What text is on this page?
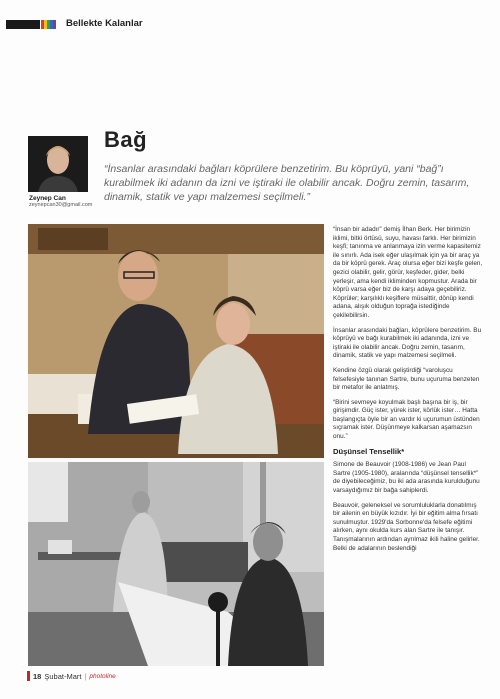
Bellekte Kalanlar
Zeynep Can
zeynepcan30@gmail.com
Bağ

“İnsanlar arasındaki bağları köprülere benzetirim. Bu köprüyü, yani “bağ”ı kurabilmek iki adanın da izni ve iştiraki ile olabilir ancak. Doğru zemin, tasarım, dinamik, statik ve yapı malzemesi seçilmeli.”

“İnsan bir adadır” demiş İlhan Berk. Her birimizin iklimi, bitki örtüsü, suyu, havası farklı. Her birimizin keşfi; tanınma ve anlanmaya izin verme kapasitemiz ile sınırlı. Ada isek eğer ulaşılmak için ya bir araç ya da bir köprü gerek. Araç olursa eğer bizi keşfe gelen, gezici olabilir, gelir, görür, keşfeder, gider, belki yerleşir, ama kendi ikliminden kopmustur. Arada bir köprü varsa eğer biz de karşı adaya geçebiliriz. Köprüler; karşılıklı keşiflere müsaittir, dönüp kendi adana, alışık olduğun toprağa istediğinde çekilebilirsin.

İnsanlar arasındaki bağları, köprülere benzetirim. Bu köprüyü ve bağı kurabilmek iki adanında, izni ve iştiraki ile olabilir ancak. Doğru zemin, tasarım, dinamik, statik ve yapı malzemesi seçilmeli.

Kendine özgü olarak geliştirdiği “varoluşcu felsefesiyle tanınan Sartre, bunu uçuruma benzeten bir metafor ile anlatmış.

“Birini sevmeye koyulmak başlı başına bir iş, bir girişimdir. Güç ister, yürek ister, körlük ister… Hatta başlangıçta öyle bir an vardır ki uçurumun üstünden sıçramak ister. Düşünmeye kalkarsan aşamazsın onu.”

Düşünsel Tensellik*

Simone de Beauvoir (1908-1986) ve Jean Paul Sartre (1905-1980), aralarında “düşünsel tensellik*” de diyebileceğimiz, bu iki ada arasında kurulduğunu varsaydığımız bir bağa sahiplerdi.

Beauvoir, geleneksel ve sorumluluklarla donatılmış bir ailenin en büyük kızıdır. İyi bir eğitim alma fırsatı sunulmuştur. 1929'da Sorbonne'da felsefe eğitimi alırken, aynı okulda kurs alan Sartre ile tanışır. Tanışmalarının ardından ayrılmaz ikili haline gelirler. Belki de adalarının beslendiği

18 Şubat-Mart | photoline
